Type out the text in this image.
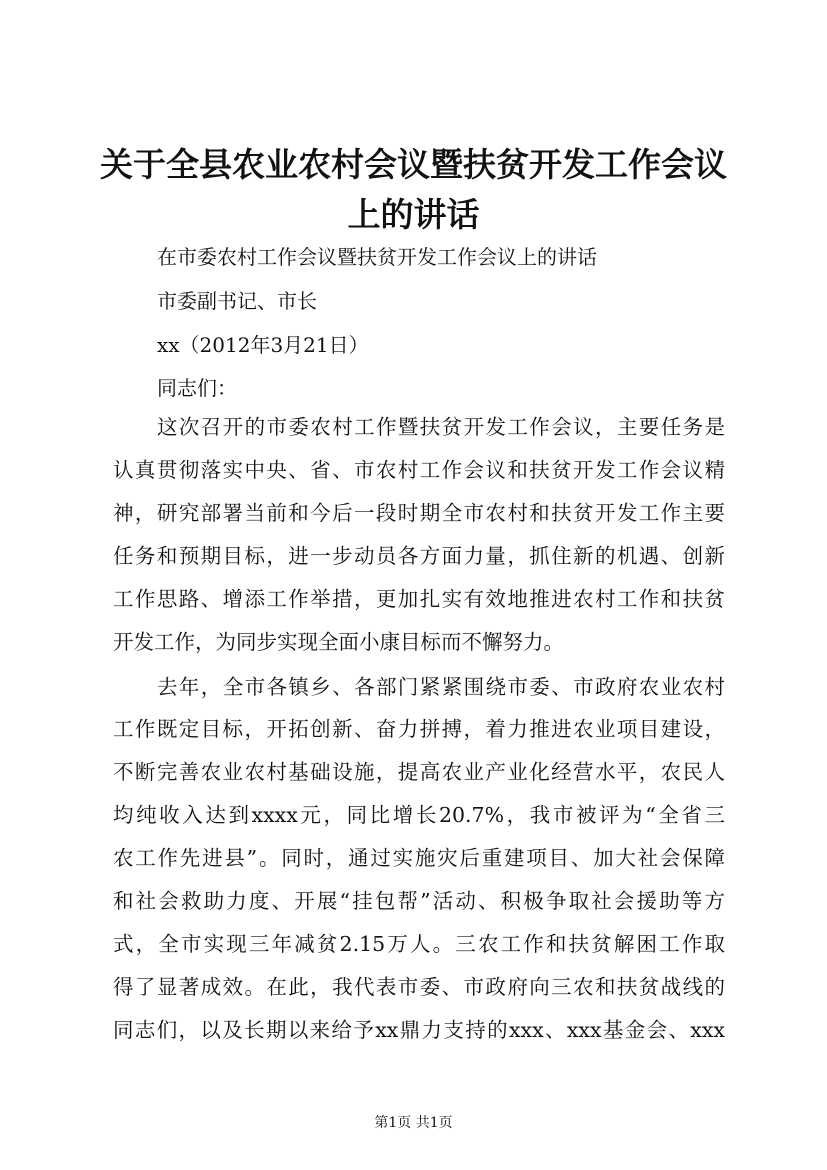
关于全县农业农村会议暨扶贫开发工作会议上的讲话

在市委农村工作会议暨扶贫开发工作会议上的讲话

市委副书记、市长

xx（2012年3月21日）

同志们：

这次召开的市委农村工作暨扶贫开发工作会议，主要任务是

认真贯彻落实中央、省、市农村工作会议和扶贫开发工作会议精

神，研究部署当前和今后一段时期全市农村和扶贫开发工作主要

任务和预期目标，进一步动员各方面力量，抓住新的机遇、创新

工作思路、增添工作举措，更加扎实有效地推进农村工作和扶贫

开发工作，为同步实现全面小康目标而不懈努力。

去年，全市各镇乡、各部门紧紧围绕市委、市政府农业农村

工作既定目标，开拓创新、奋力拼搏，着力推进农业项目建设，

不断完善农业农村基础设施，提高农业产业化经营水平，农民人

均纯收入达到xxxx元，同比增长20.7%，我市被评为“全省三

农工作先进县”。同时，通过实施灾后重建项目、加大社会保障

和社会救助力度、开展“挂包帮”活动、积极争取社会援助等方

式，全市实现三年减贫2.15万人。三农工作和扶贫解困工作取

得了显著成效。在此，我代表市委、市政府向三农和扶贫战线的

同志们，以及长期以来给予xx鼎力支持的xxx、xxx基金会、xxx

第1页 共1页
